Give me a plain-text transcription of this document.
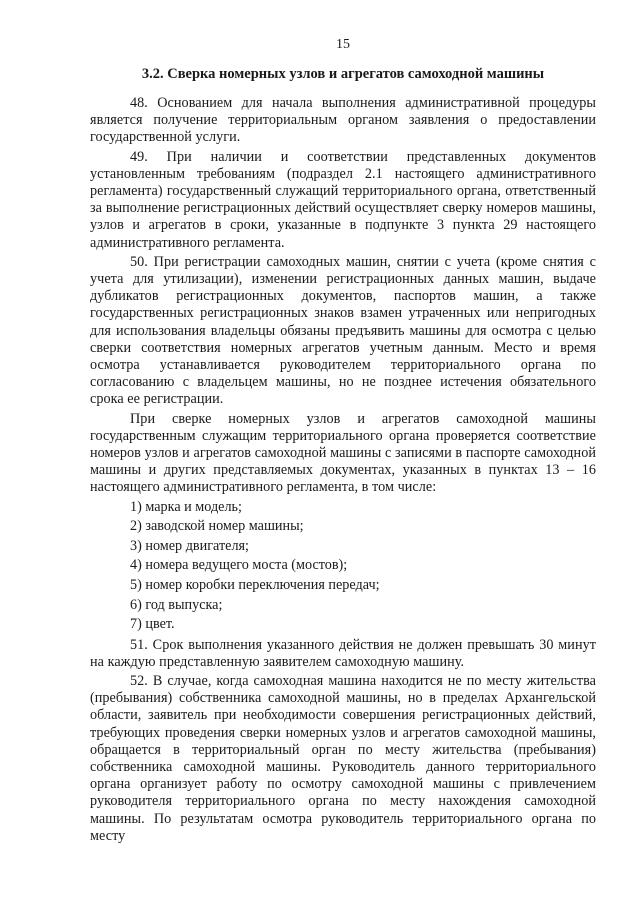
15
3.2. Сверка номерных узлов и агрегатов самоходной машины

48. Основанием для начала выполнения административной процедуры является получение территориальным органом заявления о предоставлении государственной услуги.

49. При наличии и соответствии представленных документов установленным требованиям (подраздел 2.1 настоящего административного регламента) государственный служащий территориального органа, ответственный за выполнение регистрационных действий осуществляет сверку номеров машины, узлов и агрегатов в сроки, указанные в подпункте 3 пункта 29 настоящего административного регламента.

50. При регистрации самоходных машин, снятии с учета (кроме снятия с учета для утилизации), изменении регистрационных данных машин, выдаче дубликатов регистрационных документов, паспортов машин, а также государственных регистрационных знаков взамен утраченных или непригодных для использования владельцы обязаны предъявить машины для осмотра с целью сверки соответствия номерных агрегатов учетным данным. Место и время осмотра устанавливается руководителем территориального органа по согласованию с владельцем машины, но не позднее истечения обязательного срока ее регистрации.

При сверке номерных узлов и агрегатов самоходной машины государственным служащим территориального органа проверяется соответствие номеров узлов и агрегатов самоходной машины с записями в паспорте самоходной машины и других представляемых документах, указанных в пунктах 13 – 16 настоящего административного регламента, в том числе:

1) марка и модель;
2) заводской номер машины;
3) номер двигателя;
4) номера ведущего моста (мостов);
5) номер коробки переключения передач;
6) год выпуска;
7) цвет.

51. Срок выполнения указанного действия не должен превышать 30 минут на каждую представленную заявителем самоходную машину.

52. В случае, когда самоходная машина находится не по месту жительства (пребывания) собственника самоходной машины, но в пределах Архангельской области, заявитель при необходимости совершения регистрационных действий, требующих проведения сверки номерных узлов и агрегатов самоходной машины, обращается в территориальный орган по месту жительства (пребывания) собственника самоходной машины. Руководитель данного территориального органа организует работу по осмотру самоходной машины с привлечением руководителя территориального органа по месту нахождения самоходной машины. По результатам осмотра руководитель территориального органа по месту
